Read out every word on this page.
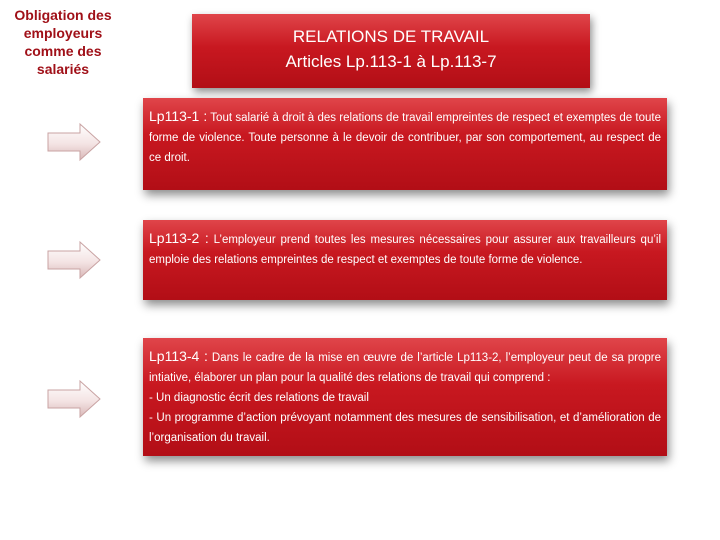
Obligation des
employeurs
comme des
salariés
RELATIONS DE TRAVAIL
Articles Lp.113-1 à Lp.113-7

Lp113-1 : Tout salarié à droit à des relations de travail empreintes de respect et exemptes de toute forme de violence. Toute personne à le devoir de contribuer, par son comportement, au respect de ce droit.

Lp113-2 : L’employeur prend toutes les mesures nécessaires pour assurer aux travailleurs qu’il emploie des relations empreintes de respect et exemptes de toute forme de violence.

Lp113-4 : Dans le cadre de la mise en œuvre de l’article Lp113-2, l’employeur peut de sa propre intiative, élaborer un plan pour la qualité des relations de travail qui comprend :

- Un diagnostic écrit des relations de travail

- Un programme d’action prévoyant notamment des mesures de sensibilisation, et d’amélioration de l’organisation du travail.
